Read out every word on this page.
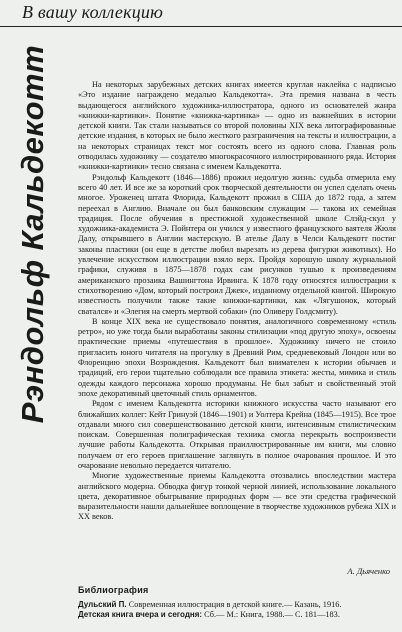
В вашу коллекцию
Рэндольф Кальдекотт	На некоторых зарубежных детских книгах имеется круглая наклейка с надписью «Это издание награждено медалью Кальдекотта». Эта премия названа в честь выдающегося английского художника-иллюстратора, одного из основателей жанра «книжки-картинки». Понятие «книжка-картинка» — одно из важнейших в истории детской книги. Так стали называться со второй половины XIX века литографированные детские издания, в которых не было жесткого разграничения на тексты и иллюстрации, а на некоторых страницах текст мог состоять всего из одного слова. Главная роль отводилась художнику — создателю многокрасочного иллюстрированного ряда. История «книжки-картинки» тесно связана с именем Кальдекотта.

Рэндольф Кальдекотт (1846—1886) прожил недолгую жизнь: судьба отмерила ему всего 40 лет. И все же за короткий срок творческой деятельности он успел сделать очень многое. Уроженец штата Флорида, Кальдекотт прожил в США до 1872 года, а затем переехал в Англию. Вначале он был банковским служащим — такова их семейная традиция. После обучения в престижной художественной школе Слэйд-скул у художника-академиста Э. Пойнтера он учился у известного французского ваятеля Жюля Далу, открывшего в Англии мастерскую. В ателье Далу в Челси Кальдекотт постиг законы пластики (он еще в детстве любил вырезать из дерева фигурки животных). Но увлечение искусством иллюстрации взяло верх. Пройдя хорошую школу журнальной графики, служивя в 1875—1878 годах сам рисунков тушью к произведениям американского прозаика Вашингтона Ирвинга. К 1878 году относятся иллюстрации к стихотворению «Дом, который построил Джек», изданному отдельной книгой. Широкую известность получили также такие книжки-картинки, как «Лягушонок, который сватался» и «Элегия на смерть мертвой собаки» (по Оливеру Голдсмиту).

В конце XIX века не существовало понятия, аналогичного современному «стиль ретро», но уже тогда были выработаны законы стилизации «под другую эпоху», освоены практические приемы «путешествия в прошлое». Художнику ничего не стоило пригласить юного читателя на прогулку в Древний Рим, средневековый Лондон или во Флоренцию эпохи Возрождения. Кальдекотт был внимателен к истории обычаев и традиций, его герои тщательно соблюдали все правила этикета: жесты, мимика и стиль одежды каждого персонажа хорошо продуманы. Не был забыт и свойственный этой эпохе декоративный цветочный стиль орнаментов.

Рядом с именем Кальдекотта историки книжного искусства часто называют его ближайших коллег: Кейт Гринуэй (1846—1901) и Уолтера Крейна (1845—1915). Все трое отдавали много сил совершенствованию детской книги, интенсивным стилистическим поискам. Совершенная полиграфическая техника смогла перекрыть воспроизвести лучшие работы Кальдекотта. Открывая праиллюстрированные им книги, мы словно получаем от его героев приглашение заглянуть в полное очарования прошлое. И это очарование невольно передается читателю.

Многие художественные приемы Кальдекотта отозвались впоследствии мастера английского модерна. Обводка фигур тонкой черной линией, использование локального цвета, декоративное обыгрывание природных форм — все эти средства графической выразительности нашли дальнейшее воплощение в творчестве художников рубежа XIX и XX веков.

А. Дьяченко
Библиография

Дульский П. Современная иллюстрация в детской книге.— Казань, 1916.

Детская книга вчера и сегодня: Сб.— М.: Книга, 1988.— С. 181—183.
